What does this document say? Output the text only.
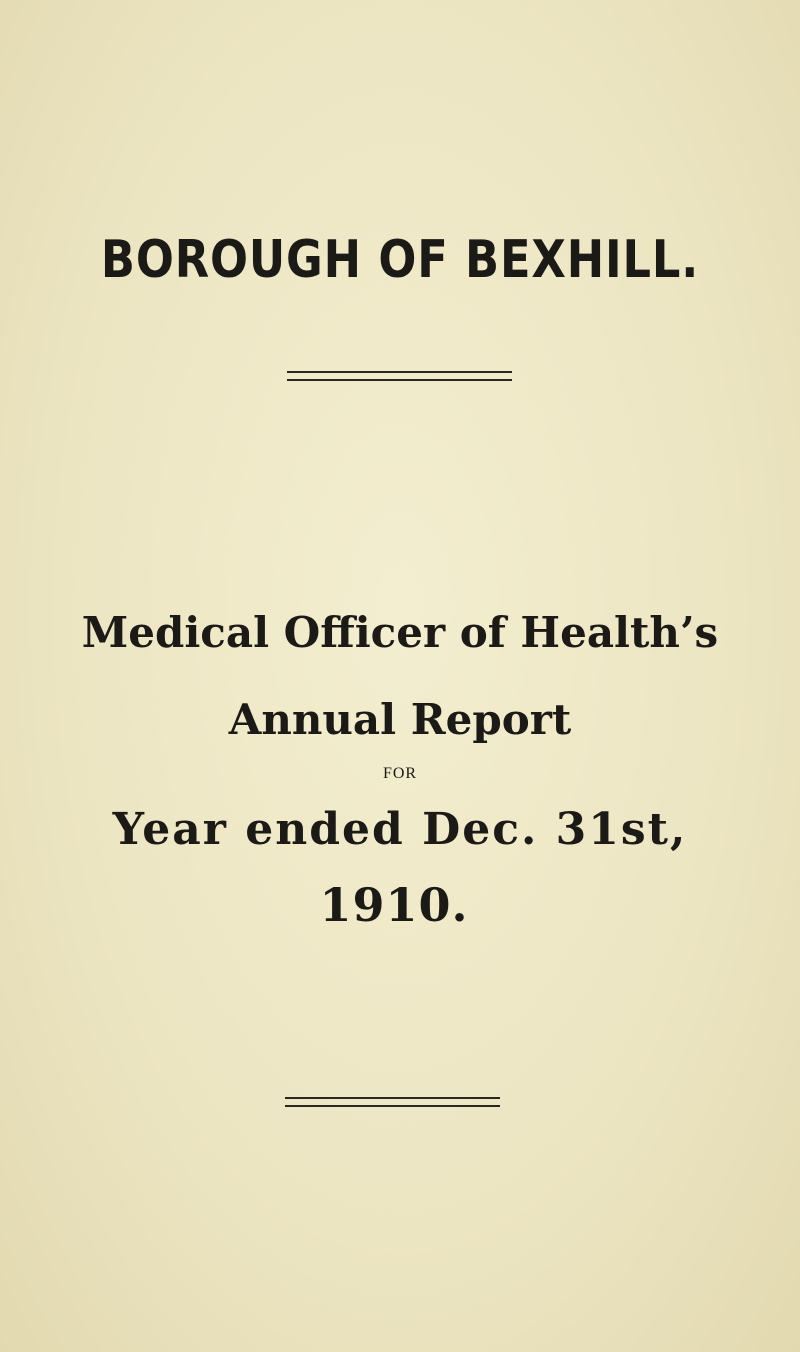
BOROUGH OF BEXHILL.
Medical Officer of Health’s
Annual Report

FOR

Year ended Dec. 31st,

1910.
